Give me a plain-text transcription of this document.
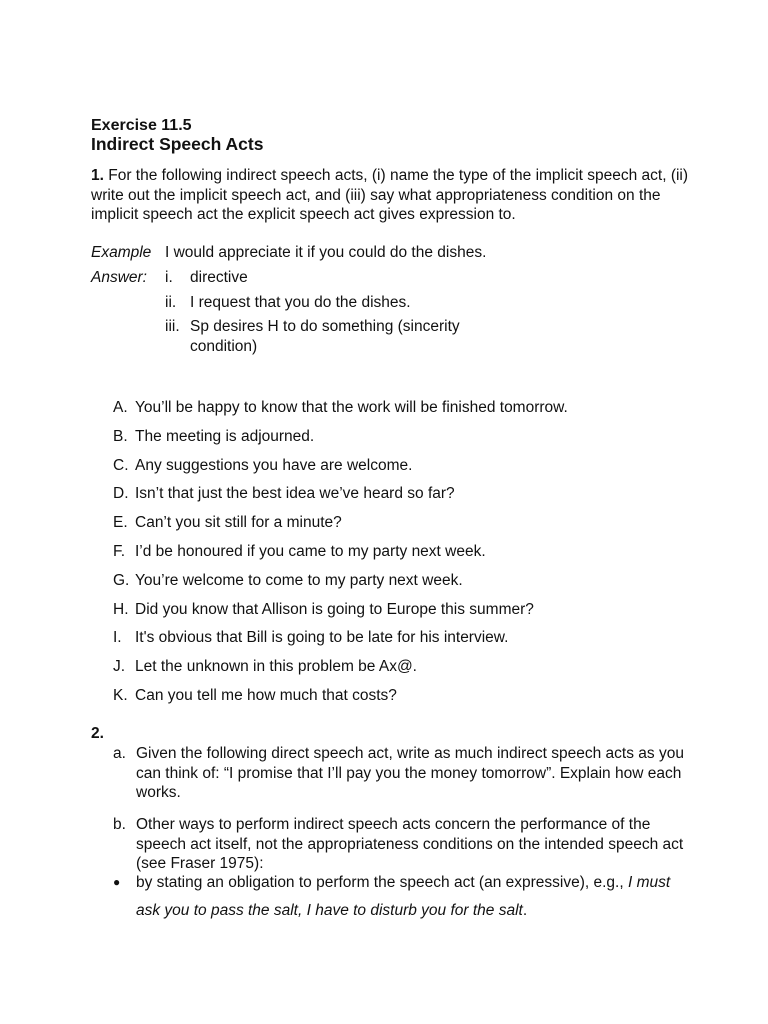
Exercise 11.5
Indirect Speech Acts
1. For the following indirect speech acts, (i) name the type of the implicit speech act, (ii) write out the implicit speech act, and (iii) say what appropriateness condition on the implicit speech act the explicit speech act gives expression to.
Example I would appreciate it if you could do the dishes.
Answer:	i.	directive
ii. I request that you do the dishes.
iii. Sp desires H to do something (sincerity condition)
A. You’ll be happy to know that the work will be finished tomorrow.
B. The meeting is adjourned.
C. Any suggestions you have are welcome.
D. Isn’t that just the best idea we’ve heard so far?
E. Can’t you sit still for a minute?
F. I’d be honoured if you came to my party next week.
G. You’re welcome to come to my party next week.
H. Did you know that Allison is going to Europe this summer?
I. It's obvious that Bill is going to be late for his interview.
J. Let the unknown in this problem be Ax@.
K. Can you tell me how much that costs?
2.
a. Given the following direct speech act, write as much indirect speech acts as you can think of: “I promise that I’ll pay you the money tomorrow”. Explain how each works.
b. Other ways to perform indirect speech acts concern the performance of the speech act itself, not the appropriateness conditions on the intended speech act (see Fraser 1975):
●	by stating an obligation to perform the speech act (an expressive), e.g., I must ask you to pass the salt, I have to disturb you for the salt.
